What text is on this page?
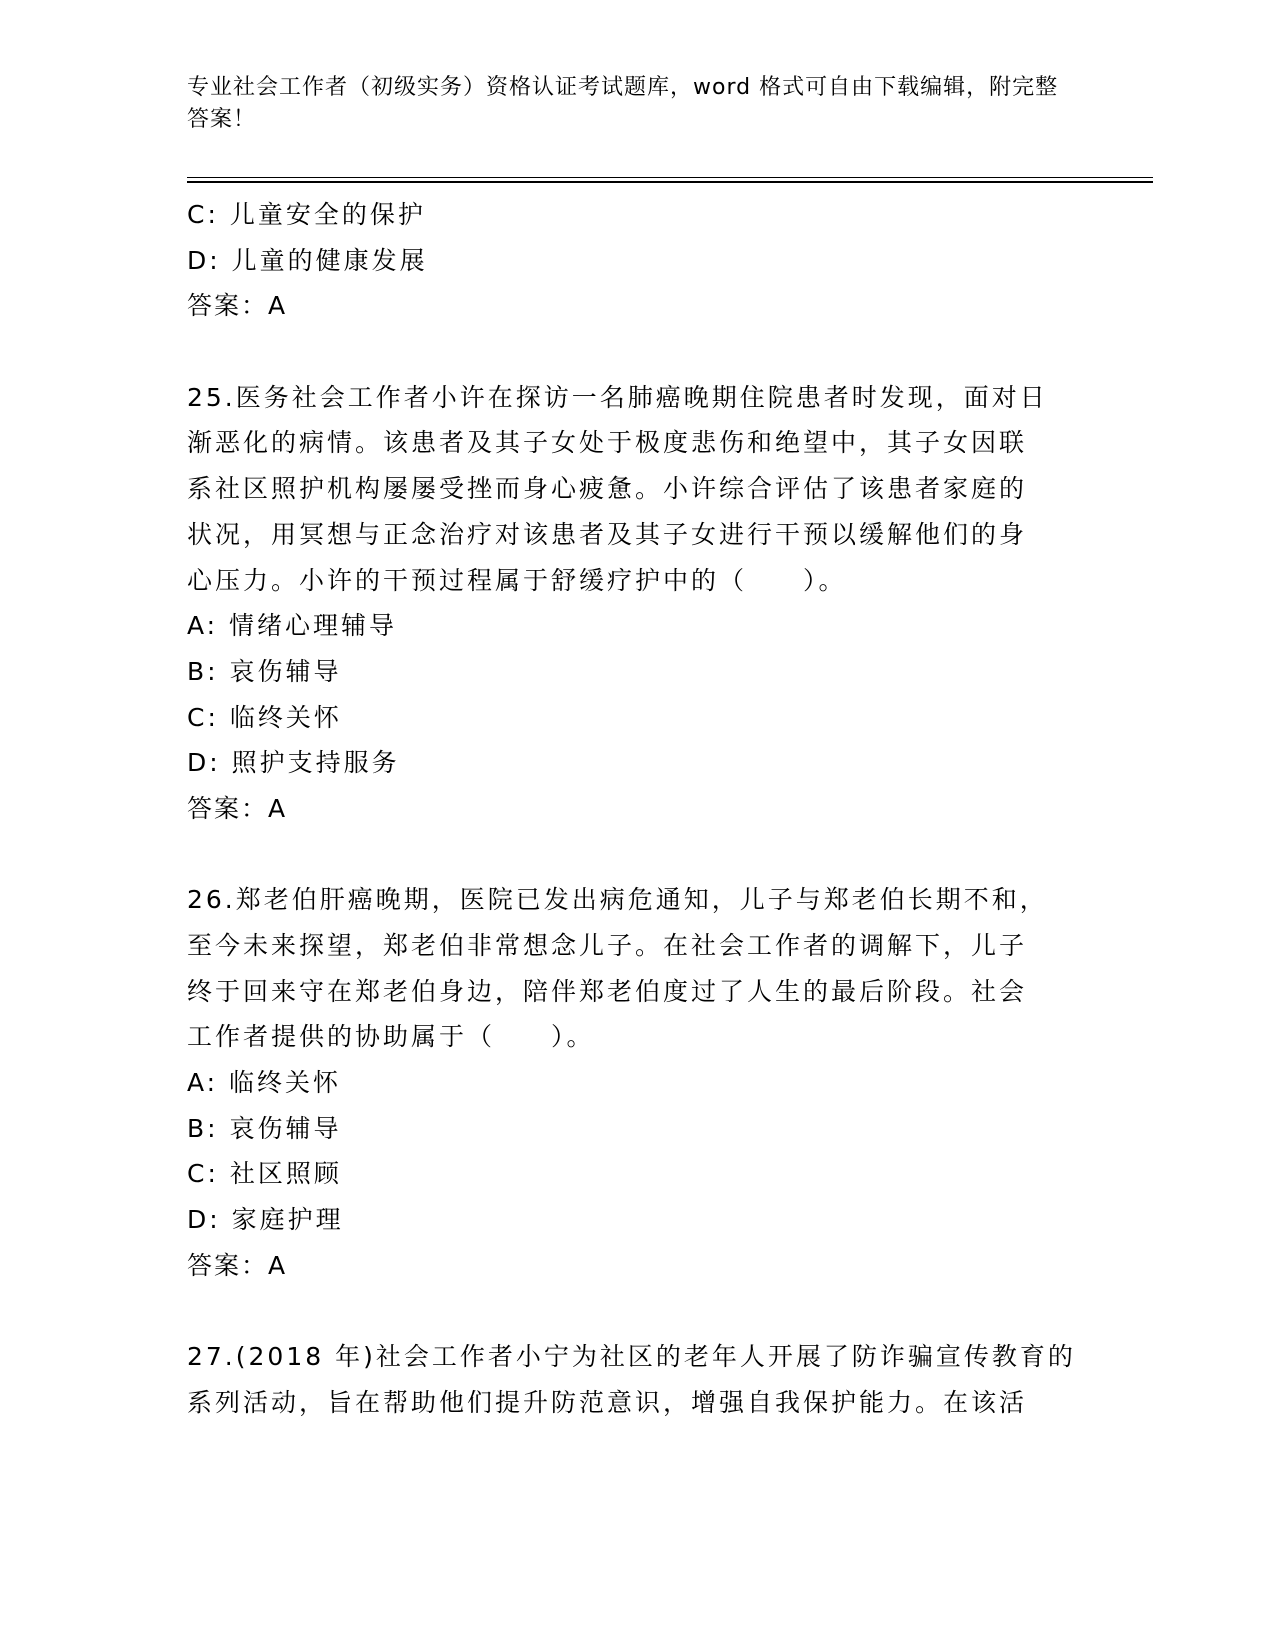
专业社会工作者（初级实务）资格认证考试题库，word 格式可自由下载编辑，附完整答案！
C: 儿童安全的保护
D: 儿童的健康发展
答案：A
25.医务社会工作者小许在探访一名肺癌晚期住院患者时发现，面对日
渐恶化的病情。该患者及其子女处于极度悲伤和绝望中，其子女因联
系社区照护机构屡屡受挫而身心疲惫。小许综合评估了该患者家庭的
状况，用冥想与正念治疗对该患者及其子女进行干预以缓解他们的身
心压力。小许的干预过程属于舒缓疗护中的（　　）。
A: 情绪心理辅导
B: 哀伤辅导
C: 临终关怀
D: 照护支持服务
答案：A
26.郑老伯肝癌晚期，医院已发出病危通知，儿子与郑老伯长期不和，
至今未来探望，郑老伯非常想念儿子。在社会工作者的调解下，儿子
终于回来守在郑老伯身边，陪伴郑老伯度过了人生的最后阶段。社会
工作者提供的协助属于（　　）。
A: 临终关怀
B: 哀伤辅导
C: 社区照顾
D: 家庭护理
答案：A
27.(2018 年)社会工作者小宁为社区的老年人开展了防诈骗宣传教育的
系列活动，旨在帮助他们提升防范意识，增强自我保护能力。在该活
